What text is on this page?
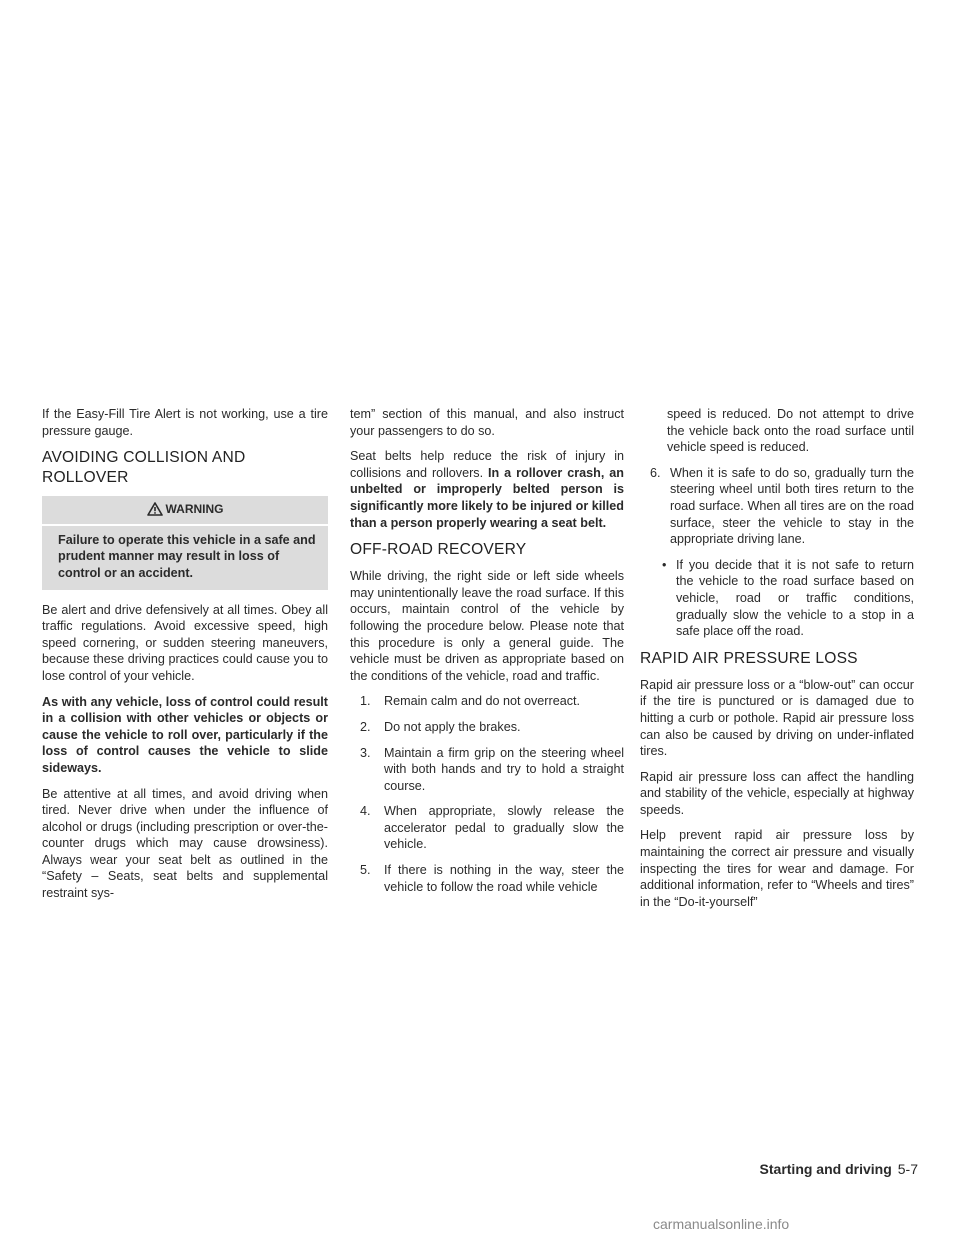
If the Easy-Fill Tire Alert is not working, use a tire pressure gauge.

AVOIDING COLLISION AND ROLLOVER
WARNING
Failure to operate this vehicle in a safe and prudent manner may result in loss of control or an accident.

Be alert and drive defensively at all times. Obey all traffic regulations. Avoid excessive speed, high speed cornering, or sudden steering maneuvers, because these driving practices could cause you to lose control of your vehicle.

As with any vehicle, loss of control could result in a collision with other vehicles or objects or cause the vehicle to roll over, particularly if the loss of control causes the vehicle to slide sideways.

Be attentive at all times, and avoid driving when tired. Never drive when under the influence of alcohol or drugs (including prescription or over-the-counter drugs which may cause drowsiness). Always wear your seat belt as outlined in the “Safety – Seats, seat belts and supplemental restraint sys-

tem” section of this manual, and also instruct your passengers to do so.

Seat belts help reduce the risk of injury in collisions and rollovers. In a rollover crash, an unbelted or improperly belted person is significantly more likely to be injured or killed than a person properly wearing a seat belt.

OFF-ROAD RECOVERY

While driving, the right side or left side wheels may unintentionally leave the road surface. If this occurs, maintain control of the vehicle by following the procedure below. Please note that this procedure is only a general guide. The vehicle must be driven as appropriate based on the conditions of the vehicle, road and traffic.

1.	Remain calm and do not overreact.
2.	Do not apply the brakes.
3.	Maintain a firm grip on the steering wheel with both hands and try to hold a straight course.
4.	When appropriate, slowly release the accelerator pedal to gradually slow the vehicle.
5.	If there is nothing in the way, steer the vehicle to follow the road while vehicle

speed is reduced. Do not attempt to drive the vehicle back onto the road surface until vehicle speed is reduced.

6. When it is safe to do so, gradually turn the steering wheel until both tires return to the road surface. When all tires are on the road surface, steer the vehicle to stay in the appropriate driving lane.
• If you decide that it is not safe to return the vehicle to the road surface based on vehicle, road or traffic conditions, gradually slow the vehicle to a stop in a safe place off the road.
RAPID AIR PRESSURE LOSS

Rapid air pressure loss or a “blow-out” can occur if the tire is punctured or is damaged due to hitting a curb or pothole. Rapid air pressure loss can also be caused by driving on under-inflated tires.

Rapid air pressure loss can affect the handling and stability of the vehicle, especially at highway speeds.

Help prevent rapid air pressure loss by maintaining the correct air pressure and visually inspecting the tires for wear and damage. For additional information, refer to “Wheels and tires” in the “Do-it-yourself”

Starting and driving 5-7
carmanualsonline.info
